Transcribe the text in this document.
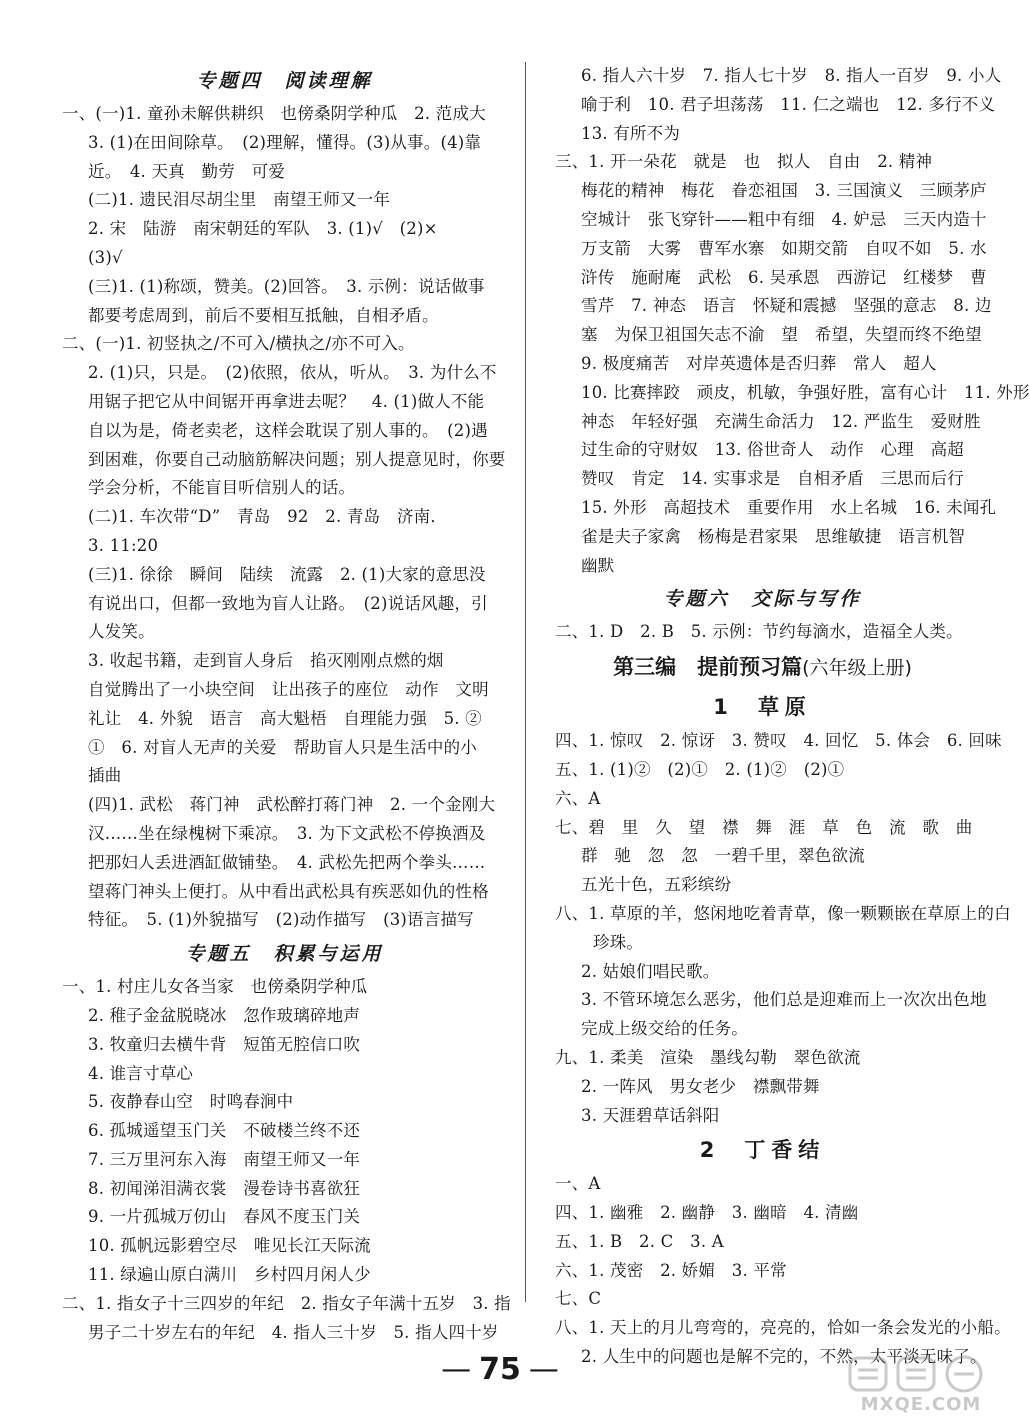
专题四　阅读理解
一、(一)1. 童孙未解供耕织　也傍桑阴学种瓜　2. 范成大
3. (1)在田间除草。　(2)理解，懂得。(3)从事。(4)靠
近。　4. 天真　勤劳　可爱
(二)1. 遗民泪尽胡尘里　南望王师又一年
2. 宋　陆游　南宋朝廷的军队　3. (1)√　(2)×
(3)√
(三)1. (1)称颂，赞美。(2)回答。　3. 示例：说话做事
都要考虑周到，前后不要相互抵触，自相矛盾。
二、(一)1. 初竖执之/不可入/横执之/亦不可入。
2. (1)只，只是。　(2)依照，依从，听从。　3. 为什么不
用锯子把它从中间锯开再拿进去呢？　4. (1)做人不能
自以为是，倚老卖老，这样会耽误了别人事的。　(2)遇
到困难，你要自己动脑筋解决问题；别人提意见时，你要
学会分析，不能盲目听信别人的话。
(二)1. 车次带“D”　青岛　92　2. 青岛　济南．
3. 11:20
(三)1. 徐徐　瞬间　陆续　流露　2. (1)大家的意思没
有说出口，但都一致地为盲人让路。　(2)说话风趣，引
人发笑。
3. 收起书籍，走到盲人身后　掐灭刚刚点燃的烟
自觉腾出了一小块空间　让出孩子的座位　动作　文明
礼让　4. 外貌　语言　高大魁梧　自理能力强　5. ②
①　6. 对盲人无声的关爱　帮助盲人只是生活中的小
插曲
(四)1. 武松　蒋门神　武松醉打蒋门神　2. 一个金刚大
汉……坐在绿槐树下乘凉。　3. 为下文武松不停换酒及
把那妇人丢进酒缸做铺垫。　4. 武松先把两个拳头……
望蒋门神头上便打。从中看出武松具有疾恶如仇的性格
特征。　5. (1)外貌描写　(2)动作描写　(3)语言描写
专题五　积累与运用
一、1. 村庄儿女各当家　也傍桑阴学种瓜
2. 稚子金盆脱晓冰　忽作玻璃碎地声
3. 牧童归去横牛背　短笛无腔信口吹
4. 谁言寸草心
5. 夜静春山空　时鸣春涧中
6. 孤城遥望玉门关　不破楼兰终不还
7. 三万里河东入海　南望王师又一年
8. 初闻涕泪满衣裳　漫卷诗书喜欲狂
9. 一片孤城万仞山　春风不度玉门关
10. 孤帆远影碧空尽　唯见长江天际流
11. 绿遍山原白满川　乡村四月闲人少
二、1. 指女子十三四岁的年纪　2. 指女子年满十五岁　3. 指
男子二十岁左右的年纪　4. 指人三十岁　5. 指人四十岁
6. 指人六十岁　7. 指人七十岁　8. 指人一百岁　9. 小人
喻于利　10. 君子坦荡荡　11. 仁之端也　12. 多行不义
13. 有所不为
三、1. 开一朵花　就是　也　拟人　自由　2. 精神
梅花的精神　梅花　眷恋祖国　3. 三国演义　三顾茅庐
空城计　张飞穿针——粗中有细　4. 妒忌　三天内造十
万支箭　大雾　曹军水寨　如期交箭　自叹不如　5. 水
浒传　施耐庵　武松　6. 吴承恩　西游记　红楼梦　曹
雪芹　7. 神态　语言　怀疑和震撼　坚强的意志　8. 边
塞　为保卫祖国矢志不渝　望　希望，失望而终不绝望
9. 极度痛苦　对岸英遗体是否归葬　常人　超人
10. 比赛摔跤　顽皮，机敏，争强好胜，富有心计　11. 外形
神态　年轻好强　充满生命活力　12. 严监生　爱财胜
过生命的守财奴　13. 俗世奇人　动作　心理　高超
赞叹　肯定　14. 实事求是　自相矛盾　三思而后行
15. 外形　高超技术　重要作用　水上名城　16. 未闻孔
雀是夫子家禽　杨梅是君家果　思维敏捷　语言机智
幽默
专题六　交际与写作
二、1. D　2. B　5. 示例：节约每滴水，造福全人类。
第三编　提前预习篇(六年级上册)
1 草原
四、1. 惊叹　2. 惊讶　3. 赞叹　4. 回忆　5. 体会　6. 回味
五、1. (1)②　(2)①　2. (1)②　(2)①
六、A
七、碧　里　久　望　襟　舞　涯　草　色　流　歌　曲
群　驰　忽　忽　一碧千里，翠色欲流
五光十色，五彩缤纷
八、1. 草原的羊，悠闲地吃着青草，像一颗颗嵌在草原上的白
珍珠。
2. 姑娘们唱民歌。
3. 不管环境怎么恶劣，他们总是迎难而上一次次出色地
完成上级交给的任务。
九、1. 柔美　渲染　墨线勾勒　翠色欲流
2. 一阵风　男女老少　襟飘带舞
3. 天涯碧草话斜阳
2 丁香结
一、A
四、1. 幽雅　2. 幽静　3. 幽暗　4. 清幽
五、1. B　2. C　3. A
六、1. 茂密　2. 娇媚　3. 平常
七、C
八、1. 天上的月儿弯弯的，亮亮的，恰如一条会发光的小船。
2. 人生中的问题也是解不完的，不然，太平淡无味了。
— 75 —
MXQE.COM
